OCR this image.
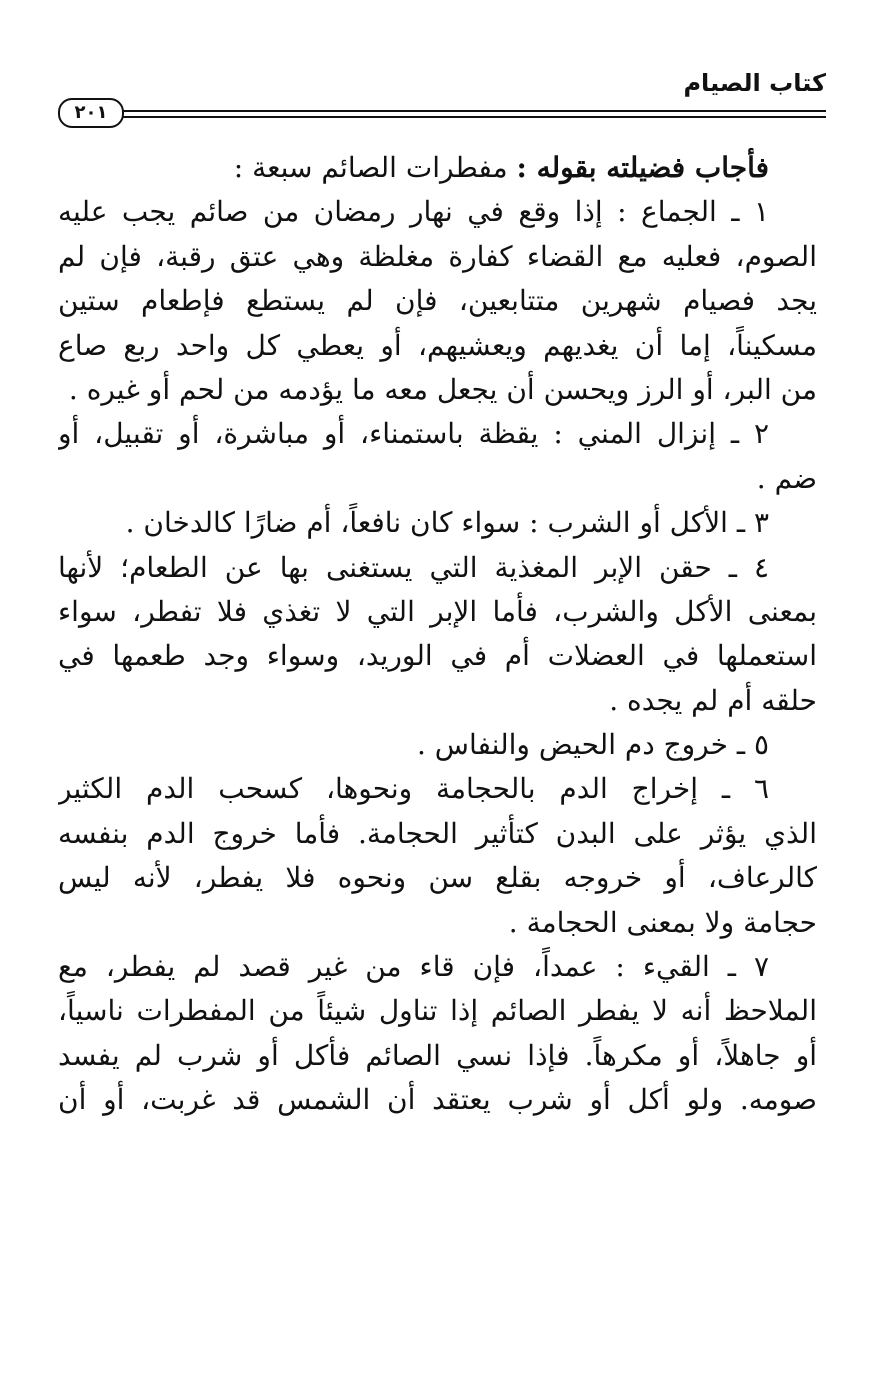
كتاب الصيام
٢٠١
فأجاب فضيلته بقوله : مفطرات الصائم سبعة :
١ ـ الجماع : إذا وقع في نهار رمضان من صائم يجب عليه
الصوم، فعليه مع القضاء كفارة مغلظة وهي عتق رقبة، فإن لم
يجد فصيام شهرين متتابعين، فإن لم يستطع فإطعام ستين
مسكيناً، إما أن يغديهم ويعشيهم، أو يعطي كل واحد ربع صاع
من البر، أو الرز ويحسن أن يجعل معه ما يؤدمه من لحم أو غيره .
٢ ـ إنزال المني : يقظة باستمناء، أو مباشرة، أو تقبيل، أو
ضم .
٣ ـ الأكل أو الشرب : سواء كان نافعاً، أم ضارًا كالدخان .
٤ ـ حقن الإبر المغذية التي يستغنى بها عن الطعام؛ لأنها
بمعنى الأكل والشرب، فأما الإبر التي لا تغذي فلا تفطر، سواء
استعملها في العضلات أم في الوريد، وسواء وجد طعمها في
حلقه أم لم يجده .
٥ ـ خروج دم الحيض والنفاس .
٦ ـ إخراج الدم بالحجامة ونحوها، كسحب الدم الكثير
الذي يؤثر على البدن كتأثير الحجامة. فأما خروج الدم بنفسه
كالرعاف، أو خروجه بقلع سن ونحوه فلا يفطر، لأنه ليس
حجامة ولا بمعنى الحجامة .
٧ ـ القيء : عمداً، فإن قاء من غير قصد لم يفطر، مع
الملاحظ أنه لا يفطر الصائم إذا تناول شيئاً من المفطرات ناسياً،
أو جاهلاً، أو مكرهاً. فإذا نسي الصائم فأكل أو شرب لم يفسد
صومه. ولو أكل أو شرب يعتقد أن الشمس قد غربت، أو أن
